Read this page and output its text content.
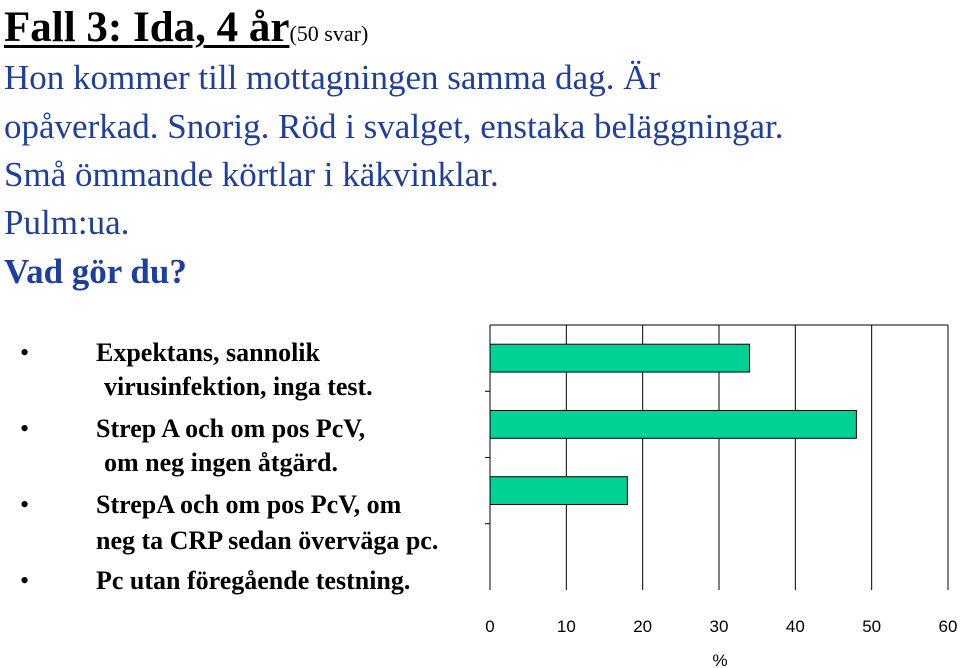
Fall 3: Ida, 4 år(50 svar)
Hon kommer till mottagningen samma dag. Är
opåverkad. Snorig. Röd i svalget, enstaka beläggningar.
Små ömmande körtlar i käkvinklar.
Pulm:ua.
Vad gör du?
•	Expektans, sannolik
virusinfektion, inga test.
•	Strep A och om pos PcV,
om neg ingen åtgärd.
•	StrepA och om pos PcV, om
neg ta CRP sedan överväga pc.
•	Pc utan föregående testning.
0	10	20	30	40	50	60
%
